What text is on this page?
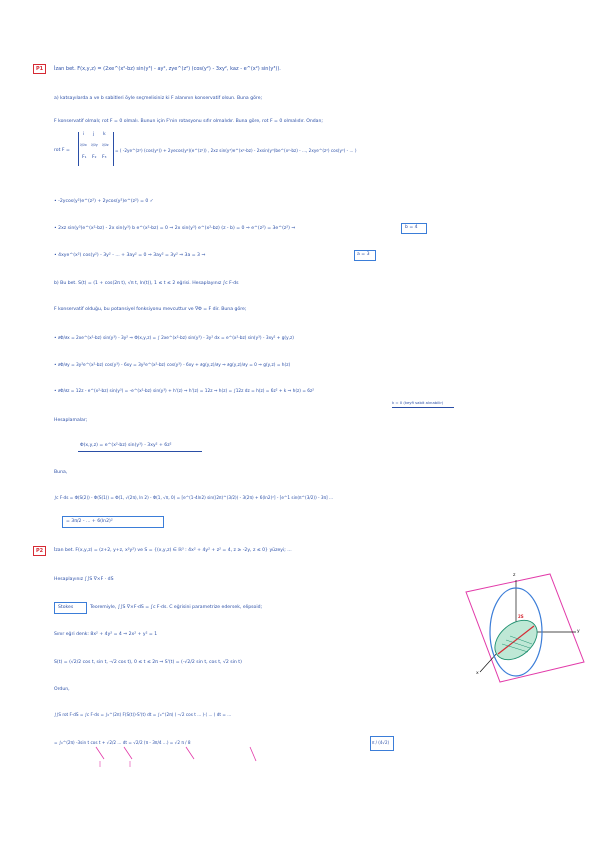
P1	İzan bet. F(x,y,z) = (2xe^(x²-bz) sin(y³) - ay², zye^(z²) (cos(y²) - 3xy², kaz - e^(x²) sin(y³)).
a) katsayılarda a ve b sabitleri öyle seçmelisiniz ki F alanının konservatif olsun. Buna göre;
F konservatif olmalı; rot F = 0 olmalı. Bunun için F'nin rotasyonu sıfır olmalıdır. Buna göre, rot F = 0 olmalıdır. Ondan;
rot F =
i j k
∂/∂x ∂/∂y ∂/∂z
F₁ F₂ F₃
= ( -2ye^(z²) (cos(y²)) + 2yecos(y²)(e^(z²)) , 2xz sin(y³)e^(x²-bz) - 2xsin(y³)be^(x²-bz) - ..., 2xye^(z²) cos(y²) - ... )
• -2ycos(y²)e^(z²) + 2ycos(y²)e^(z²) = 0 ✓
• 2xz sin(y³)e^(x²-bz) - 2x sin(y³) b e^(x²-bz) = 0 ⇒ 2x sin(y³) e^(x²-bz) (z - b) = 0 ⇒ e^(z²) = 3e^(z²) ⇒	b = 4
• 4xye^(x²) cos(y²) - 3y² - ... + 3ay² = 0 ⇒ 3ay² = 3y² ⇒ 3a = 3 ⇒	a = 3
b) Bu bet. S(t) = (1 + cos(2π t), √π t, ln(t)), 1 ≤ t ≤ 2 eğrisi. Hesaplayınız ∫c F·ds
F konservatif olduğu, bu potansiyel fonksiyonu mevcuttur ve ∇Φ = F dir. Buna göre;
• ∂Φ/∂x = 2xe^(x²-bz) sin(y³) - 3y² ⇒ Φ(x,y,z) = ∫ 2xe^(x²-bz) sin(y³) - 3y² dx = e^(x²-bz) sin(y³) - 3xy² + g(y,z)
• ∂Φ/∂y = 3y²e^(x²-bz) cos(y³) - 6xy = 3y²e^(x²-bz) cos(y³) - 6xy + ∂g(y,z)/∂y ⇒ ∂g(y,z)/∂y = 0 ⇒ g(y,z) = h(z)
• ∂Φ/∂z = 12z - e^(x²-bz) sin(y³) = -e^(x²-bz) sin(y³) + h'(z) ⇒ h'(z) = 12z ⇒ h(z) = ∫12z dz = h(z) = 6z² + k ⇒ h(z) = 6z²
k = 0 (keyfi sabit alınabilir)
Hesaplamalar;
Φ(x,y,z) = e^(x²-bz) sin(y³) - 3xy² + 6z²
Buna,
∫c F·ds = Φ(S(2)) - Φ(S(1)) = Φ(1, √(2π), ln 2) - Φ(1, √π, 0) = [e^(1-4ln2) sin((2π)^(3/2)) - 3(2π) + 6(ln2)²] - [e^1 sin(π^(3/2)) - 3π] ...
= 3π/2 - ... + 6(ln2)²
P2	İzan bet. F(x,y,z) = (z+2, y+z, x²y²) ve S = {(x,y,z) ∈ ℝ³ : 4x² + 4y² + z² = 4, z ≥ -2y, z ≤ 0} yüzeyi; ...
Hesaplayınız ∫∫S ∇×F · dS
Stokes	Teoremiyle, ∫∫S ∇×F·dS = ∫c F·ds. C eğrisini parametrize edersek, elipsoid;
Sınır eğri denk: 8x² + 4y² = 4 ⇒ 2x² + y² = 1
S(t) = (√2/2 cos t, sin t, -√2 cos t), 0 ≤ t ≤ 2π ⇒ S'(t) = (-√2/2 sin t, cos t, √2 sin t)
Ordun,
∫∫S rot F·dS = ∫c F·ds = ∫₀^(2π) F(S(t))·S'(t) dt = ∫₀^(2π) ( -√2 cos t ... )·( ... ) dt = ...
= ∫₀^(2π) -3sin t cos t + √2/2 ... dt = √2/2 (π - 3π/4 ...) = √2 π / 8	π / (4√2)
z
y
x
2S
